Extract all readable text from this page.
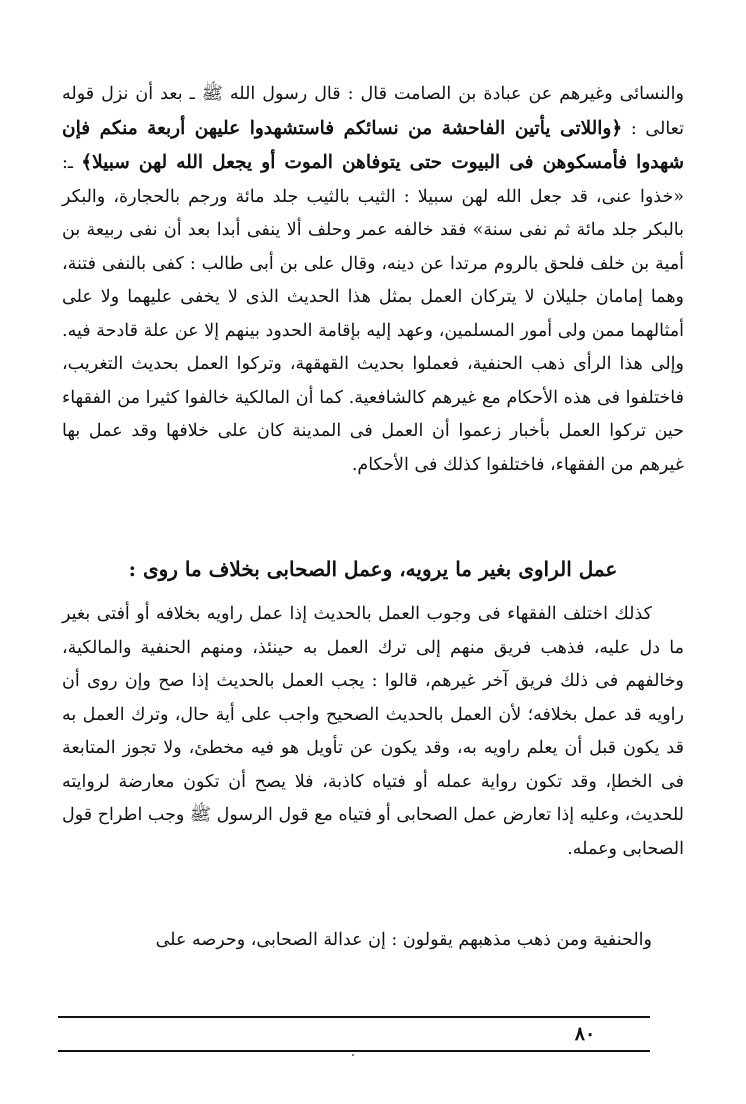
والنسائى وغيرهم عن عبادة بن الصامت قال : قال رسول الله ﷺ ـ بعد أن نزل قوله تعالى : ﴿واللاتى يأتين الفاحشة من نسائكم فاستشهدوا عليهن أربعة منكم فإن شهدوا فأمسكوهن فى البيوت حتى يتوفاهن الموت أو يجعل الله لهن سبيلا﴾ ـ: «خذوا عنى، قد جعل الله لهن سبيلا : الثيب بالثيب جلد مائة ورجم بالحجارة، والبكر بالبكر جلد مائة ثم نفى سنة» فقد خالفه عمر وحلف ألا ينفى أبدا بعد أن نفى ربيعة بن أمية بن خلف فلحق بالروم مرتدا عن دينه، وقال على بن أبى طالب : كفى بالنفى فتنة، وهما إمامان جليلان لا يتركان العمل بمثل هذا الحديث الذى لا يخفى عليهما ولا على أمثالهما ممن ولى أمور المسلمين، وعهد إليه بإقامة الحدود بينهم إلا عن علة قادحة فيه. وإلى هذا الرأى ذهب الحنفية، فعملوا بحديث القهقهة، وتركوا العمل بحديث التغريب، فاختلفوا فى هذه الأحكام مع غيرهم كالشافعية. كما أن المالكية خالفوا كثيرا من الفقهاء حين تركوا العمل بأخبار زعموا أن العمل فى المدينة كان على خلافها وقد عمل بها غيرهم من الفقهاء، فاختلفوا كذلك فى الأحكام.
عمل الراوى بغير ما يرويه، وعمل الصحابى بخلاف ما روى :
كذلك اختلف الفقهاء فى وجوب العمل بالحديث إذا عمل راويه بخلافه أو أفتى بغير ما دل عليه، فذهب فريق منهم إلى ترك العمل به حينئذ، ومنهم الحنفية والمالكية، وخالفهم فى ذلك فريق آخر غيرهم، قالوا : يجب العمل بالحديث إذا صح وإن روى أن راويه قد عمل بخلافه؛ لأن العمل بالحديث الصحيح واجب على أية حال، وترك العمل به قد يكون قبل أن يعلم راويه به، وقد يكون عن تأويل هو فيه مخطئ، ولا تجوز المتابعة فى الخطإ، وقد تكون رواية عمله أو فتياه كاذبة، فلا يصح أن تكون معارضة لروايته للحديث، وعليه إذا تعارض عمل الصحابى أو فتياه مع قول الرسول ﷺ وجب اطراح قول الصحابى وعمله.
والحنفية ومن ذهب مذهبهم يقولون : إن عدالة الصحابى، وحرصه على
٨٠
